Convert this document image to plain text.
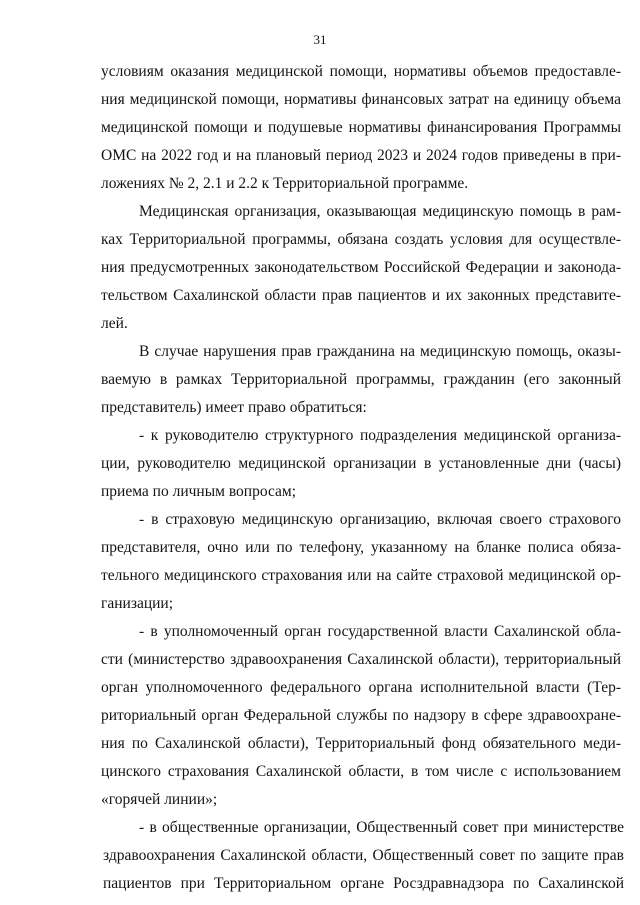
31
условиям оказания медицинской помощи, нормативы объемов предоставле-
ния медицинской помощи, нормативы финансовых затрат на единицу объема
медицинской помощи и подушевые нормативы финансирования Программы
ОМС на 2022 год и на плановый период 2023 и 2024 годов приведены в при-
ложениях № 2, 2.1 и 2.2 к Территориальной программе.
Медицинская организация, оказывающая медицинскую помощь в рам-
ках Территориальной программы, обязана создать условия для осуществле-
ния предусмотренных законодательством Российской Федерации и законода-
тельством Сахалинской области прав пациентов и их законных представите-
лей.
В случае нарушения прав гражданина на медицинскую помощь, оказы-
ваемую в рамках Территориальной программы, гражданин (его законный
представитель) имеет право обратиться:
- к руководителю структурного подразделения медицинской организа-
ции, руководителю медицинской организации в установленные дни (часы)
приема по личным вопросам;
- в страховую медицинскую организацию, включая своего страхового
представителя, очно или по телефону, указанному на бланке полиса обяза-
тельного медицинского страхования или на сайте страховой медицинской ор-
ганизации;
- в уполномоченный орган государственной власти Сахалинской обла-
сти (министерство здравоохранения Сахалинской области), территориальный
орган уполномоченного федерального органа исполнительной власти (Тер-
риториальный орган Федеральной службы по надзору в сфере здравоохране-
ния по Сахалинской области), Территориальный фонд обязательного меди-
цинского страхования Сахалинской области, в том числе с использованием
«горячей линии»;
- в общественные организации, Общественный совет при министерстве
здравоохранения Сахалинской области, Общественный совет по защите прав
пациентов при Территориальном органе Росздравнадзора по Сахалинской
